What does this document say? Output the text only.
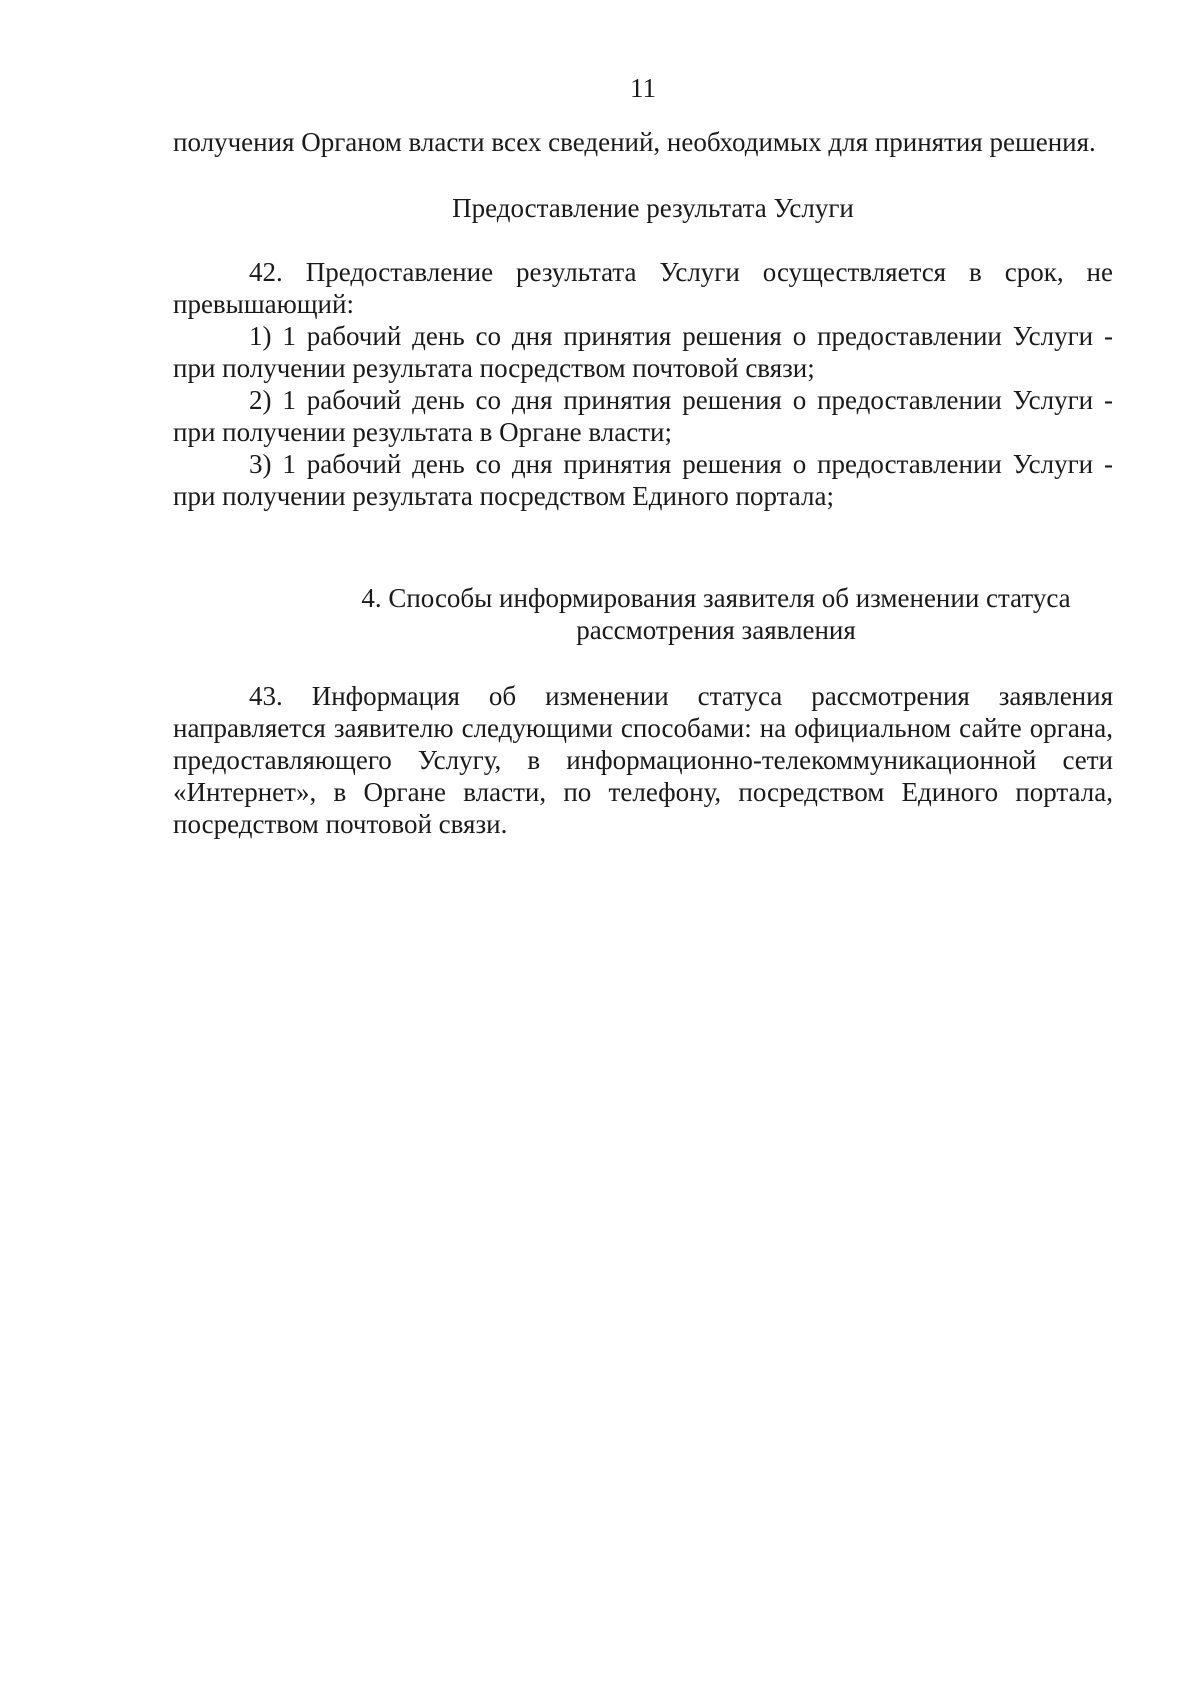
11

получения Органом власти всех сведений, необходимых для принятия решения.

Предоставление результата Услуги

42. Предоставление результата Услуги осуществляется в срок, не превышающий:

1) 1 рабочий день со дня принятия решения о предоставлении Услуги - при получении результата посредством почтовой связи;

2) 1 рабочий день со дня принятия решения о предоставлении Услуги - при получении результата в Органе власти;

3) 1 рабочий день со дня принятия решения о предоставлении Услуги - при получении результата посредством Единого портала;

4. Способы информирования заявителя об изменении статуса
рассмотрения заявления

43. Информация об изменении статуса рассмотрения заявления направляется заявителю следующими способами: на официальном сайте органа, предоставляющего Услугу, в информационно-телекоммуникационной сети «Интернет», в Органе власти, по телефону, посредством Единого портала, посредством почтовой связи.
